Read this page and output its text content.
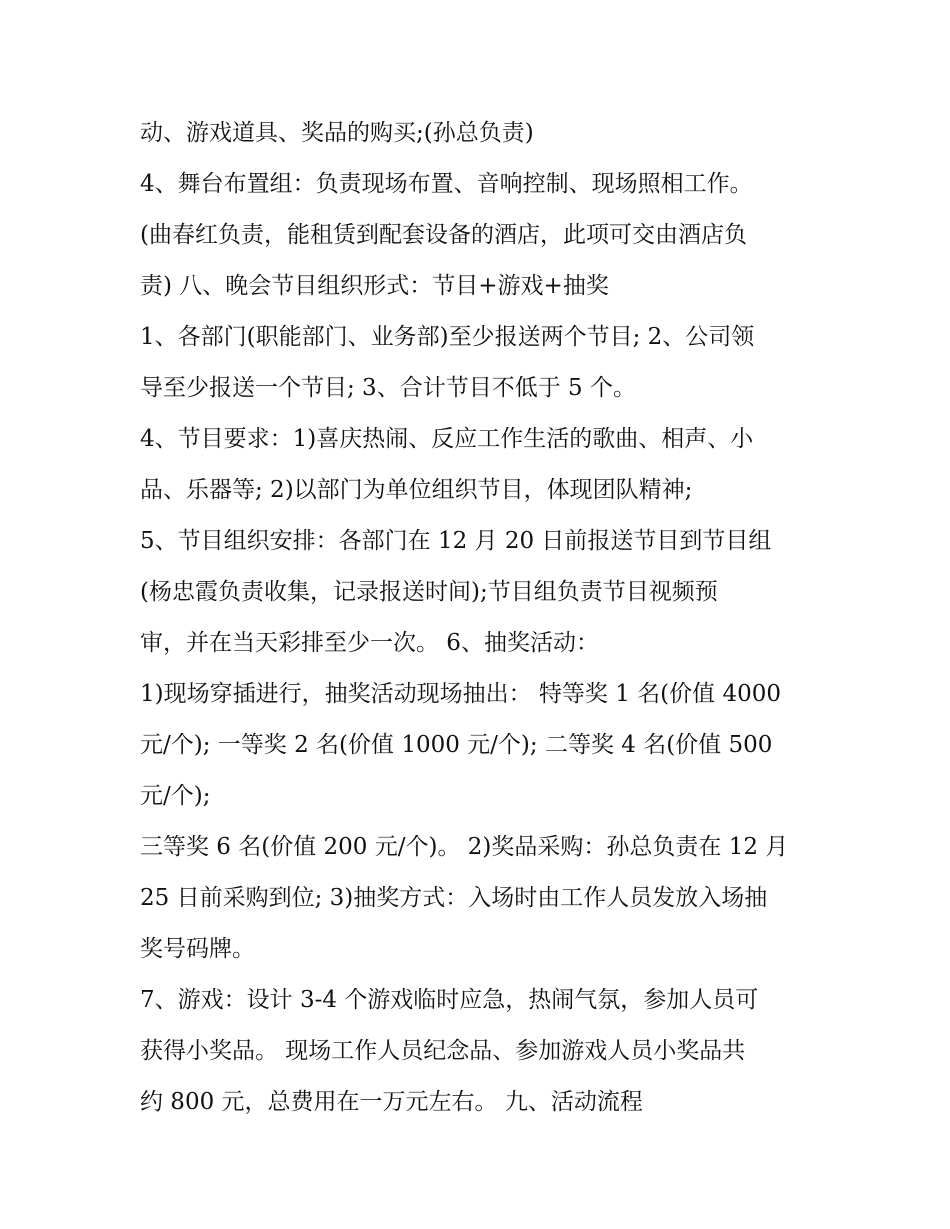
动、游戏道具、奖品的购买;(孙总负责)
4、舞台布置组：负责现场布置、音响控制、现场照相工作。
(曲春红负责，能租赁到配套设备的酒店，此项可交由酒店负
责) 八、晚会节目组织形式：节目+游戏+抽奖
1、各部门(职能部门、业务部)至少报送两个节目; 2、公司领
导至少报送一个节目; 3、合计节目不低于 5 个。
4、节目要求：1)喜庆热闹、反应工作生活的歌曲、相声、小
品、乐器等; 2)以部门为单位组织节目，体现团队精神;
5、节目组织安排：各部门在 12 月 20 日前报送节目到节目组
(杨忠霞负责收集，记录报送时间);节目组负责节目视频预
审，并在当天彩排至少一次。 6、抽奖活动：
1)现场穿插进行，抽奖活动现场抽出： 特等奖 1 名(价值 4000
元/个); 一等奖 2 名(价值 1000 元/个); 二等奖 4 名(价值 500
元/个);
三等奖 6 名(价值 200 元/个)。 2)奖品采购：孙总负责在 12 月
25 日前采购到位; 3)抽奖方式：入场时由工作人员发放入场抽
奖号码牌。
7、游戏：设计 3-4 个游戏临时应急，热闹气氛，参加人员可
获得小奖品。 现场工作人员纪念品、参加游戏人员小奖品共
约 800 元，总费用在一万元左右。 九、活动流程
